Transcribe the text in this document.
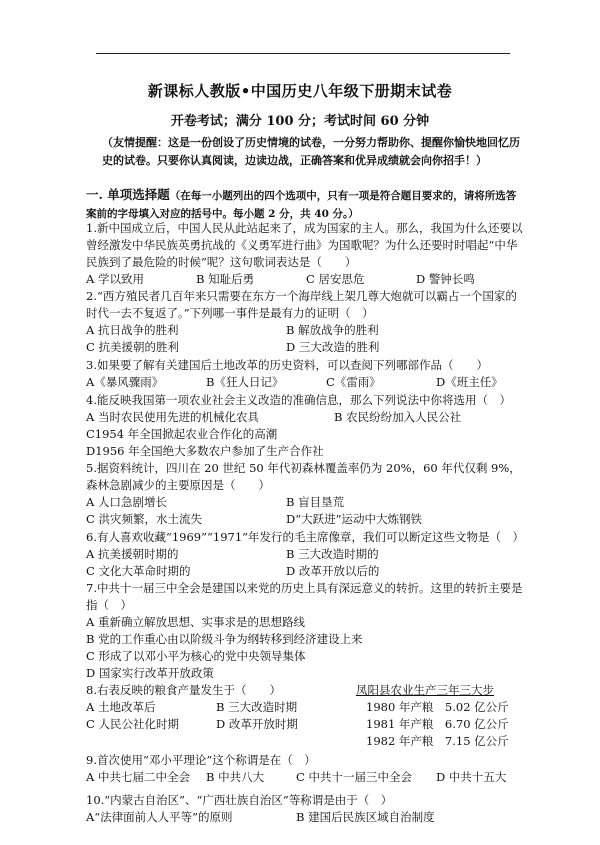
新课标人教版•中国历史八年级下册期末试卷
开卷考试；满分 100 分；考试时间 60 分钟
（友情提醒：这是一份创设了历史情境的试卷，一分努力帮助你、提醒你愉快地回忆历史的试卷。只要你认真阅读，边读边战，正确答案和优异成绩就会向你招手！）
一. 单项选择题（在每一小题列出的四个选项中，只有一项是符合题目要求的，请将所选答案前的字母填入对应的括号中。每小题 2 分，共 40 分。）
1.新中国成立后，中国人民从此站起来了，成为国家的主人。那么，我国为什么还要以曾经激发中华民族英勇抗战的《义勇军进行曲》为国歌呢？为什么还要时时唱起“中华民族到了最危险的时候”呢？这句歌词表达是（　　）
A 学以致用	B 知耻后勇	C 居安思危	D 警钟长鸣
2.“西方殖民者几百年来只需要在东方一个海岸线上架几尊大炮就可以霸占一个国家的时代一去不复返了。”下列哪一事件是最有力的证明（　）
A 抗日战争的胜利	B 解放战争的胜利
C 抗美援朝的胜利	D 三大改造的胜利
3.如果要了解有关建国后土地改革的历史资料，可以查阅下列哪部作品（　　）
A《暴风骤雨》	B《狂人日记》	C《雷雨》	D《班主任》
4.能反映我国第一项农业社会主义改造的准确信息，那么下列说法中你将选用（　）
A 当时农民使用先进的机械化农具	B 农民纷纷加入人民公社
C1954 年全国掀起农业合作化的高潮
D1956 年全国绝大多数农户参加了生产合作社
5.据资料统计，四川在 20 世纪 50 年代初森林覆盖率仍为 20%，60 年代仅剩 9%，森林急剧减少的主要原因是（　　）
A 人口急剧增长	B 盲目垦荒
C 洪灾频繁，水土流失	D“大跃进”运动中大炼钢铁
6.有人喜欢收藏“1969”“1971”年发行的毛主席像章，我们可以断定这些文物是（　）
A 抗美援朝时期的	B 三大改造时期的
C 文化大革命时期的	D 改革开放以后的
7.中共十一届三中全会是建国以来党的历史上具有深远意义的转折。这里的转折主要是指（　）
A 重新确立解放思想、实事求是的思想路线
B 党的工作重心由以阶级斗争为纲转移到经济建设上来
C 形成了以邓小平为核心的党中央领导集体
D 国家实行改革开放政策
8.右表反映的粮食产量发生于（　　）
A 土地改革后	B 三大改造时期
C 人民公社化时期	D 改革开放时期
凤阳县农业生产三年三大步
1980 年产粮　5.02 亿公斤
1981 年产粮　6.70 亿公斤
1982 年产粮　7.15 亿公斤
9.首次使用“邓小平理论”这个称谓是在（　）
A 中共七届二中全会 B 中共八大	C 中共十一届三中全会 D 中共十五大
10.“内蒙古自治区”、“广西壮族自治区”等称谓是由于（　）
A“法律面前人人平等”的原则	B 建国后民族区域自治制度
